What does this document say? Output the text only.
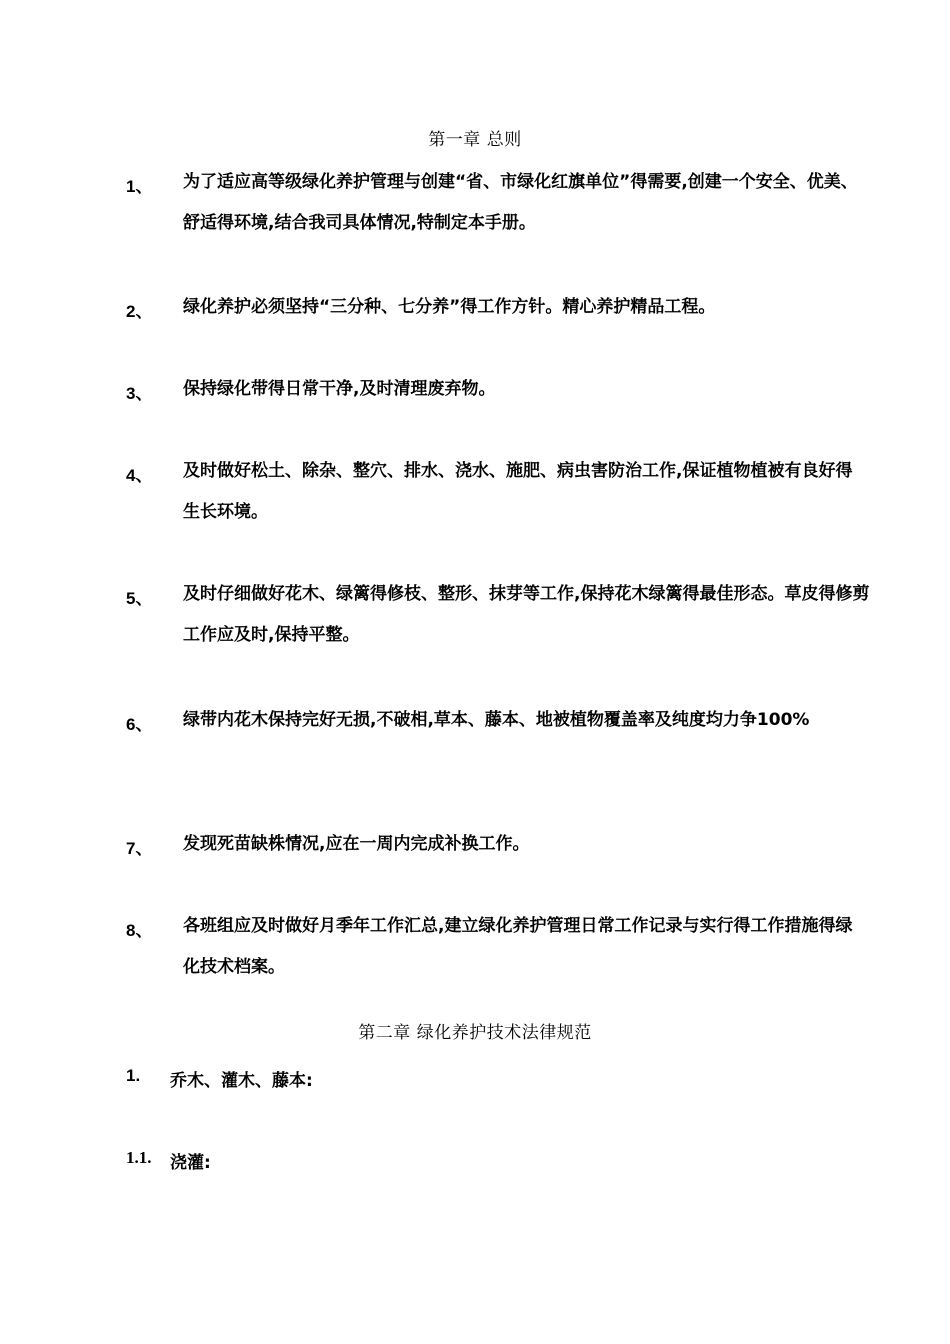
第一章 总则
1、 为了适应高等级绿化养护管理与创建“省、市绿化红旗单位”得需要,创建一个安全、优美、舒适得环境,结合我司具体情况,特制定本手册。
2、 绿化养护必须坚持“三分种、七分养”得工作方针。精心养护精品工程。
3、 保持绿化带得日常干净,及时清理废弃物。
4、 及时做好松土、除杂、整穴、排水、浇水、施肥、病虫害防治工作,保证植物植被有良好得生长环境。
5、 及时仔细做好花木、绿篱得修枝、整形、抹芽等工作,保持花木绿篱得最佳形态。草皮得修剪工作应及时,保持平整。
6、 绿带内花木保持完好无损,不破相,草本、藤本、地被植物覆盖率及纯度均力争100%
7、 发现死苗缺株情况,应在一周内完成补换工作。
8、 各班组应及时做好月季年工作汇总,建立绿化养护管理日常工作记录与实行得工作措施得绿化技术档案。
第二章 绿化养护技术法律规范
1. 乔木、灌木、藤本:
1.1. 浇灌:
